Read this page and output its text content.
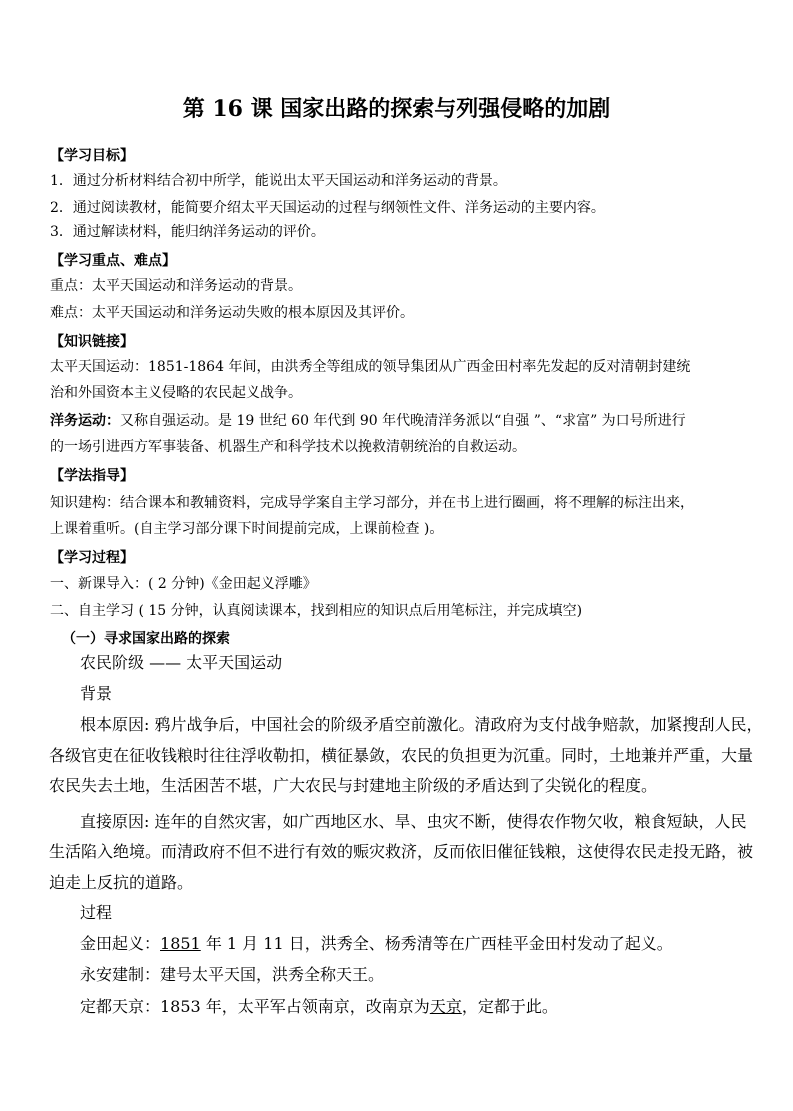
第 16 课 国家出路的探索与列强侵略的加剧
【学习目标】
1．通过分析材料结合初中所学，能说出太平天国运动和洋务运动的背景。
2．通过阅读教材，能简要介绍太平天国运动的过程与纲领性文件、洋务运动的主要内容。
3．通过解读材料，能归纳洋务运动的评价。
【学习重点、难点】
重点：太平天国运动和洋务运动的背景。
难点：太平天国运动和洋务运动失败的根本原因及其评价。
【知识链接】
太平天国运动：1851-1864 年间，由洪秀全等组成的领导集团从广西金田村率先发起的反对清朝封建统
治和外国资本主义侵略的农民起义战争。
洋务运动：又称自强运动。是 19 世纪 60 年代到 90 年代晚清洋务派以“自强 ”、“求富” 为口号所进行
的一场引进西方军事装备、机器生产和科学技术以挽救清朝统治的自救运动。
【学法指导】
知识建构：结合课本和教辅资料，完成导学案自主学习部分，并在书上进行圈画，将不理解的标注出来，
上课着重听。(自主学习部分课下时间提前完成，上课前检查 )。
【学习过程】
一、新课导入：( 2 分钟)《金田起义浮雕》
二、自主学习 ( 15 分钟，认真阅读课本，找到相应的知识点后用笔标注，并完成填空)
（一）寻求国家出路的探索
农民阶级 —— 太平天国运动
背景
根本原因: 鸦片战争后，中国社会的阶级矛盾空前激化。清政府为支付战争赔款，加紧搜刮人民，
各级官吏在征收钱粮时往往浮收勒扣，横征暴敛，农民的负担更为沉重。同时，土地兼并严重，大量
农民失去土地，生活困苦不堪，广大农民与封建地主阶级的矛盾达到了尖锐化的程度。
直接原因: 连年的自然灾害，如广西地区水、旱、虫灾不断，使得农作物欠收，粮食短缺，人民
生活陷入绝境。而清政府不但不进行有效的赈灾救济，反而依旧催征钱粮，这使得农民走投无路，被
迫走上反抗的道路。
过程
金田起义：1851 年 1 月 11 日，洪秀全、杨秀清等在广西桂平金田村发动了起义。
永安建制：建号太平天国，洪秀全称天王。
定都天京：1853 年，太平军占领南京，改南京为天京，定都于此。
